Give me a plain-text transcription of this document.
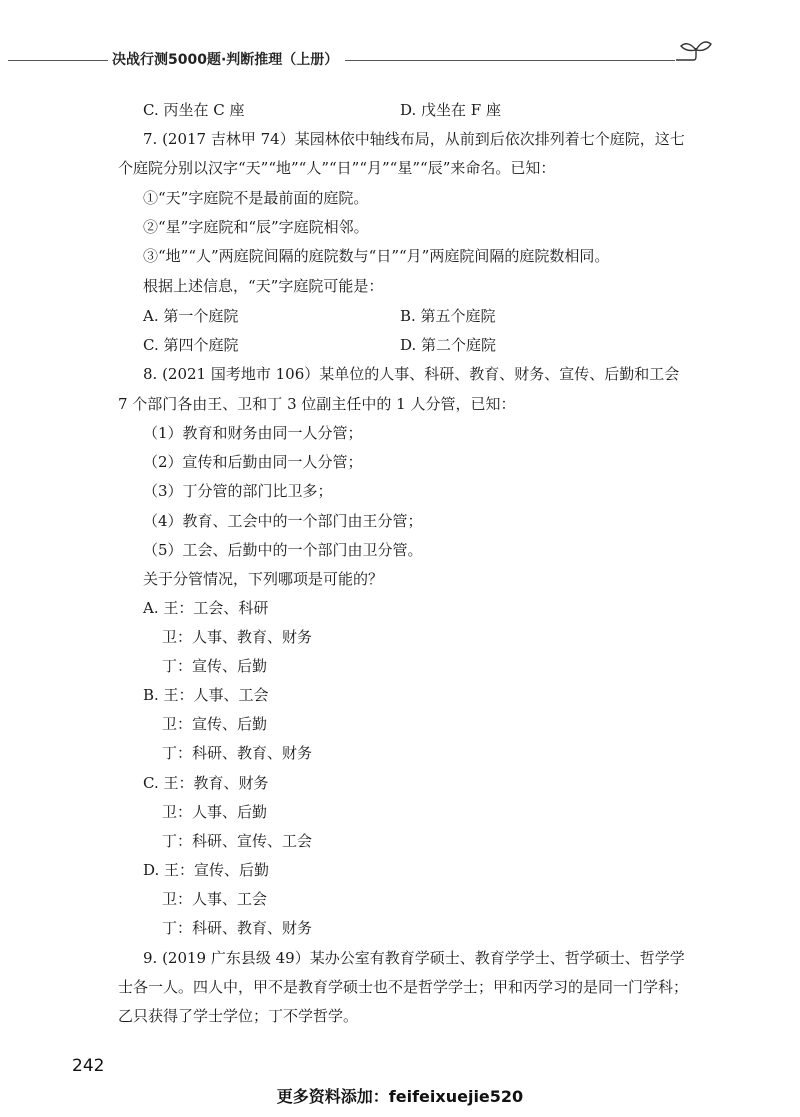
决战行测5000题·判断推理（上册）
C. 丙坐在 C 座	D. 戊坐在 F 座
7. (2017 吉林甲 74）某园林依中轴线布局，从前到后依次排列着七个庭院，这七
个庭院分别以汉字“天”“地”“人”“日”“月”“星”“辰”来命名。已知：
①“天”字庭院不是最前面的庭院。
②“星”字庭院和“辰”字庭院相邻。
③“地”“人”两庭院间隔的庭院数与“日”“月”两庭院间隔的庭院数相同。
根据上述信息，“天”字庭院可能是：
A. 第一个庭院	B. 第五个庭院
C. 第四个庭院	D. 第二个庭院
8. (2021 国考地市 106）某单位的人事、科研、教育、财务、宣传、后勤和工会
7 个部门各由王、卫和丁 3 位副主任中的 1 人分管，已知：
（1）教育和财务由同一人分管；
（2）宣传和后勤由同一人分管；
（3）丁分管的部门比卫多；
（4）教育、工会中的一个部门由王分管；
（5）工会、后勤中的一个部门由卫分管。
关于分管情况，下列哪项是可能的？
A. 王：工会、科研
卫：人事、教育、财务
丁：宣传、后勤
B. 王：人事、工会
卫：宣传、后勤
丁：科研、教育、财务
C. 王：教育、财务
卫：人事、后勤
丁：科研、宣传、工会
D. 王：宣传、后勤
卫：人事、工会
丁：科研、教育、财务
9. (2019 广东县级 49）某办公室有教育学硕士、教育学学士、哲学硕士、哲学学
士各一人。四人中，甲不是教育学硕士也不是哲学学士；甲和丙学习的是同一门学科；
乙只获得了学士学位；丁不学哲学。
242
更多资料添加：feifeixuejie520
